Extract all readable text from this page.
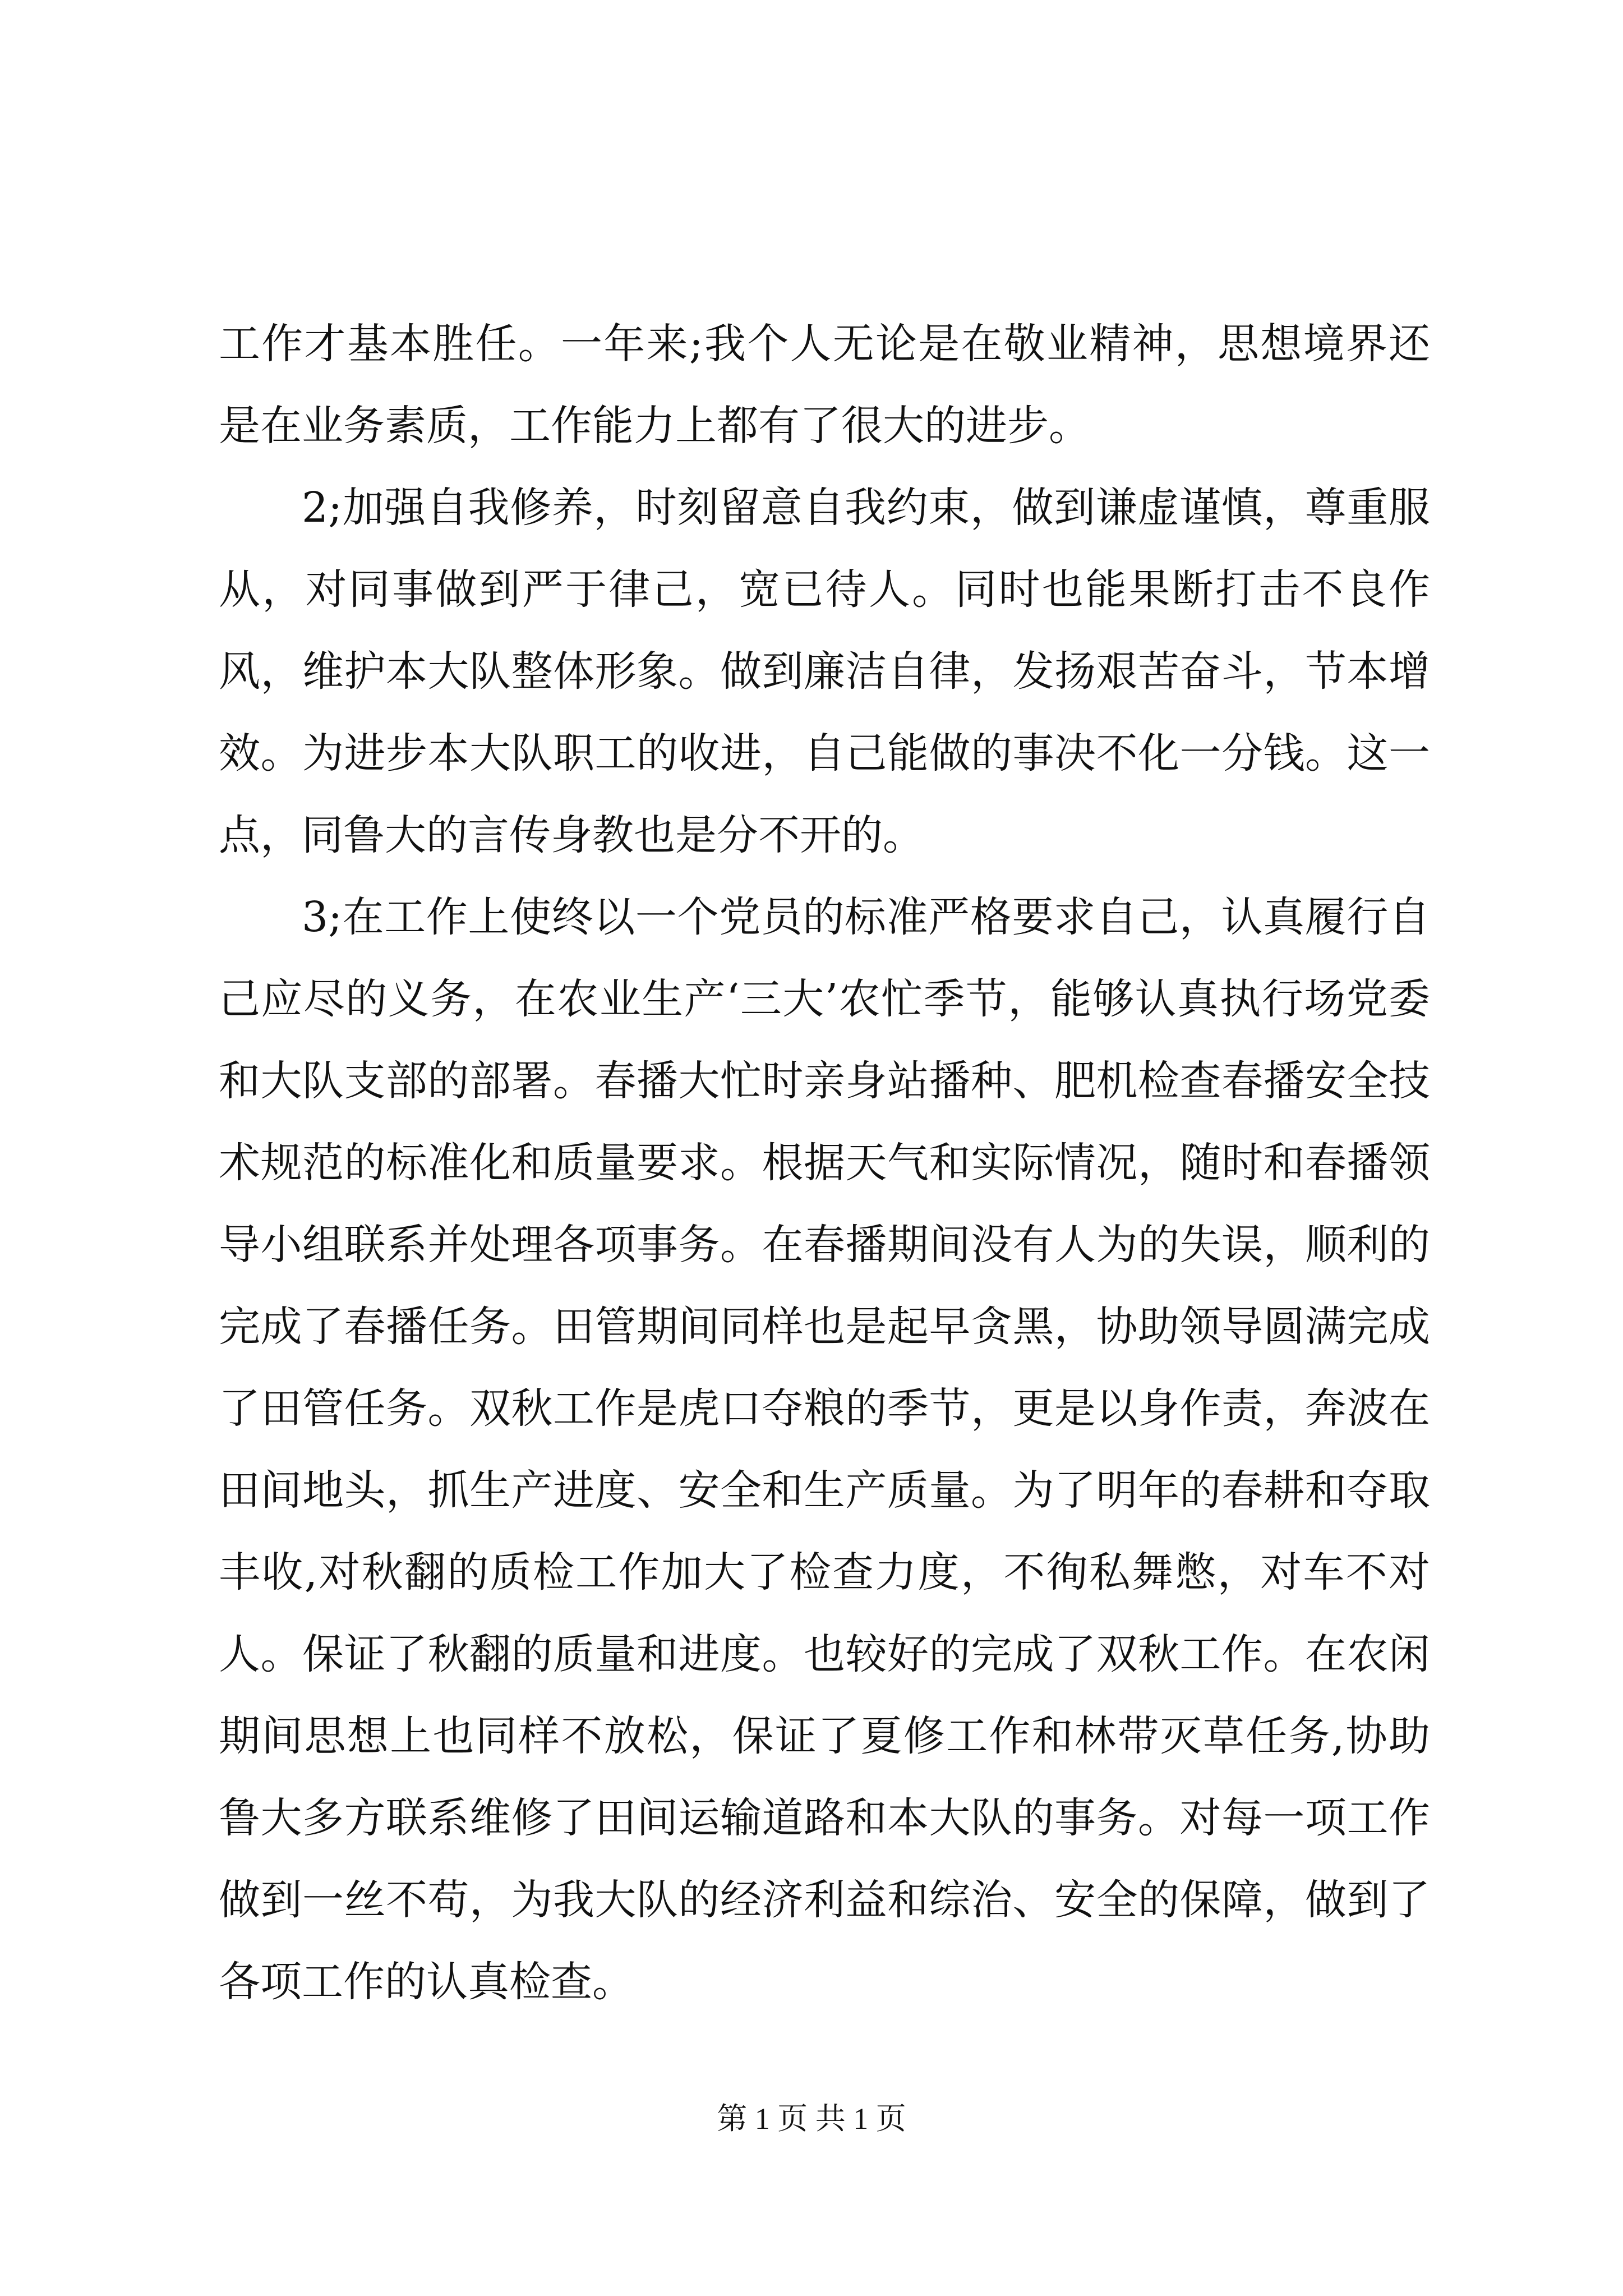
工作才基本胜任。一年来;我个人无论是在敬业精神，思想境界还是在业务素质，工作能力上都有了很大的进步。

2;加强自我修养，时刻留意自我约束，做到谦虚谨慎，尊重服从，对同事做到严于律己，宽已待人。同时也能果断打击不良作风，维护本大队整体形象。做到廉洁自律，发扬艰苦奋斗，节本增效。为进步本大队职工的收进，自己能做的事决不化一分钱。这一点，同鲁大的言传身教也是分不开的。

3;在工作上使终以一个党员的标准严格要求自己，认真履行自己应尽的义务，在农业生产‘三大’农忙季节，能够认真执行场党委和大队支部的部署。春播大忙时亲身站播种、肥机检查春播安全技术规范的标准化和质量要求。根据天气和实际情况，随时和春播领导小组联系并处理各项事务。在春播期间没有人为的失误，顺利的完成了春播任务。田管期间同样也是起早贪黑，协助领导圆满完成了田管任务。双秋工作是虎口夺粮的季节，更是以身作责，奔波在田间地头，抓生产进度、安全和生产质量。为了明年的春耕和夺取丰收,对秋翻的质检工作加大了检查力度，不徇私舞憋，对车不对人。保证了秋翻的质量和进度。也较好的完成了双秋工作。在农闲期间思想上也同样不放松，保证了夏修工作和林带灭草任务,协助鲁大多方联系维修了田间运输道路和本大队的事务。对每一项工作做到一丝不苟，为我大队的经济利益和综治、安全的保障，做到了各项工作的认真检查。

第 1 页 共 1 页
